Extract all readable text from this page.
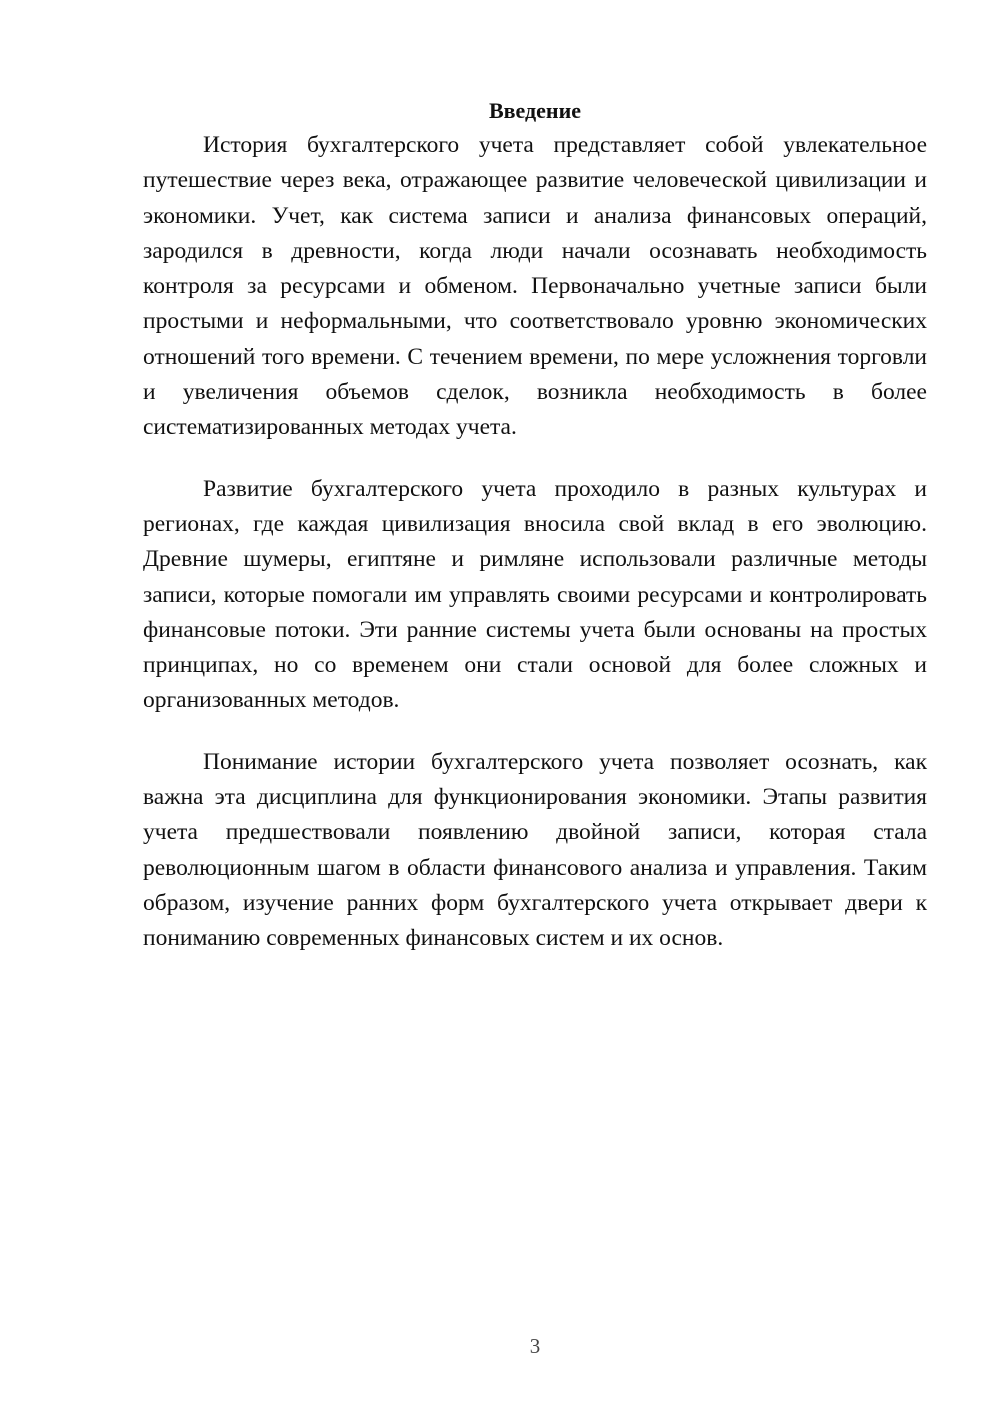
Введение

История бухгалтерского учета представляет собой увлекательное путешествие через века, отражающее развитие человеческой цивилизации и экономики. Учет, как система записи и анализа финансовых операций, зародился в древности, когда люди начали осознавать необходимость контроля за ресурсами и обменом. Первоначально учетные записи были простыми и неформальными, что соответствовало уровню экономических отношений того времени. С течением времени, по мере усложнения торговли и увеличения объемов сделок, возникла необходимость в более систематизированных методах учета.

Развитие бухгалтерского учета проходило в разных культурах и регионах, где каждая цивилизация вносила свой вклад в его эволюцию. Древние шумеры, египтяне и римляне использовали различные методы записи, которые помогали им управлять своими ресурсами и контролировать финансовые потоки. Эти ранние системы учета были основаны на простых принципах, но со временем они стали основой для более сложных и организованных методов.

Понимание истории бухгалтерского учета позволяет осознать, как важна эта дисциплина для функционирования экономики. Этапы развития учета предшествовали появлению двойной записи, которая стала революционным шагом в области финансового анализа и управления. Таким образом, изучение ранних форм бухгалтерского учета открывает двери к пониманию современных финансовых систем и их основ.

3
